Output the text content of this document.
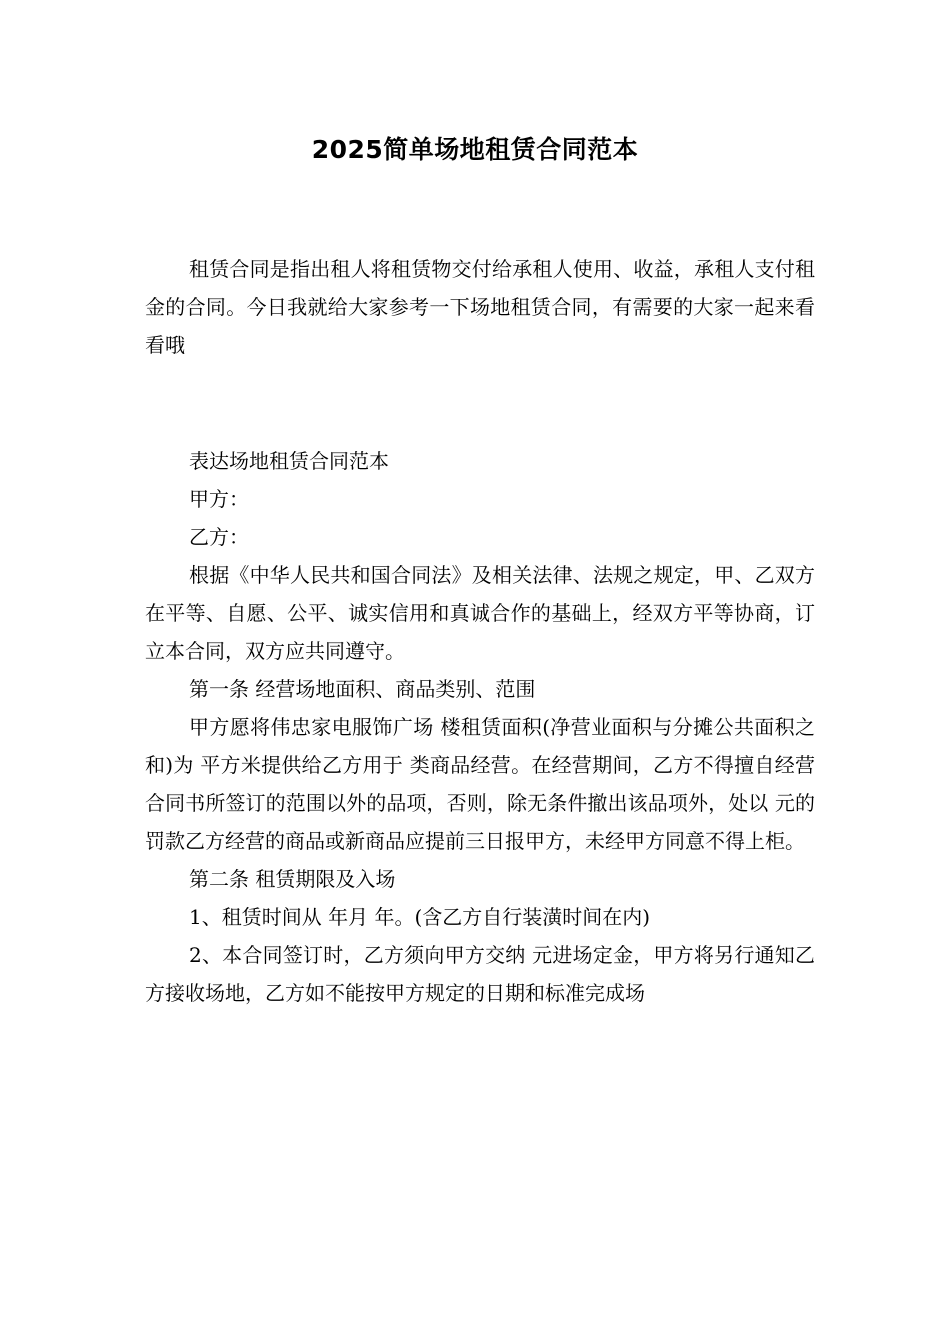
2025简单场地租赁合同范本

租赁合同是指出租人将租赁物交付给承租人使用、收益，承租人支付租金的合同。今日我就给大家参考一下场地租赁合同，有需要的大家一起来看看哦

表达场地租赁合同范本

甲方：

乙方：

根据《中华人民共和国合同法》及相关法律、法规之规定，甲、乙双方在平等、自愿、公平、诚实信用和真诚合作的基础上，经双方平等协商，订立本合同，双方应共同遵守。

第一条 经营场地面积、商品类别、范围

甲方愿将伟忠家电服饰广场 楼租赁面积(净营业面积与分摊公共面积之和)为 平方米提供给乙方用于 类商品经营。在经营期间，乙方不得擅自经营合同书所签订的范围以外的品项，否则，除无条件撤出该品项外，处以 元的罚款乙方经营的商品或新商品应提前三日报甲方，未经甲方同意不得上柜。

第二条 租赁期限及入场

1、租赁时间从 年月 年。(含乙方自行装潢时间在内)

2、本合同签订时，乙方须向甲方交纳 元进场定金，甲方将另行通知乙方接收场地，乙方如不能按甲方规定的日期和标准完成场
